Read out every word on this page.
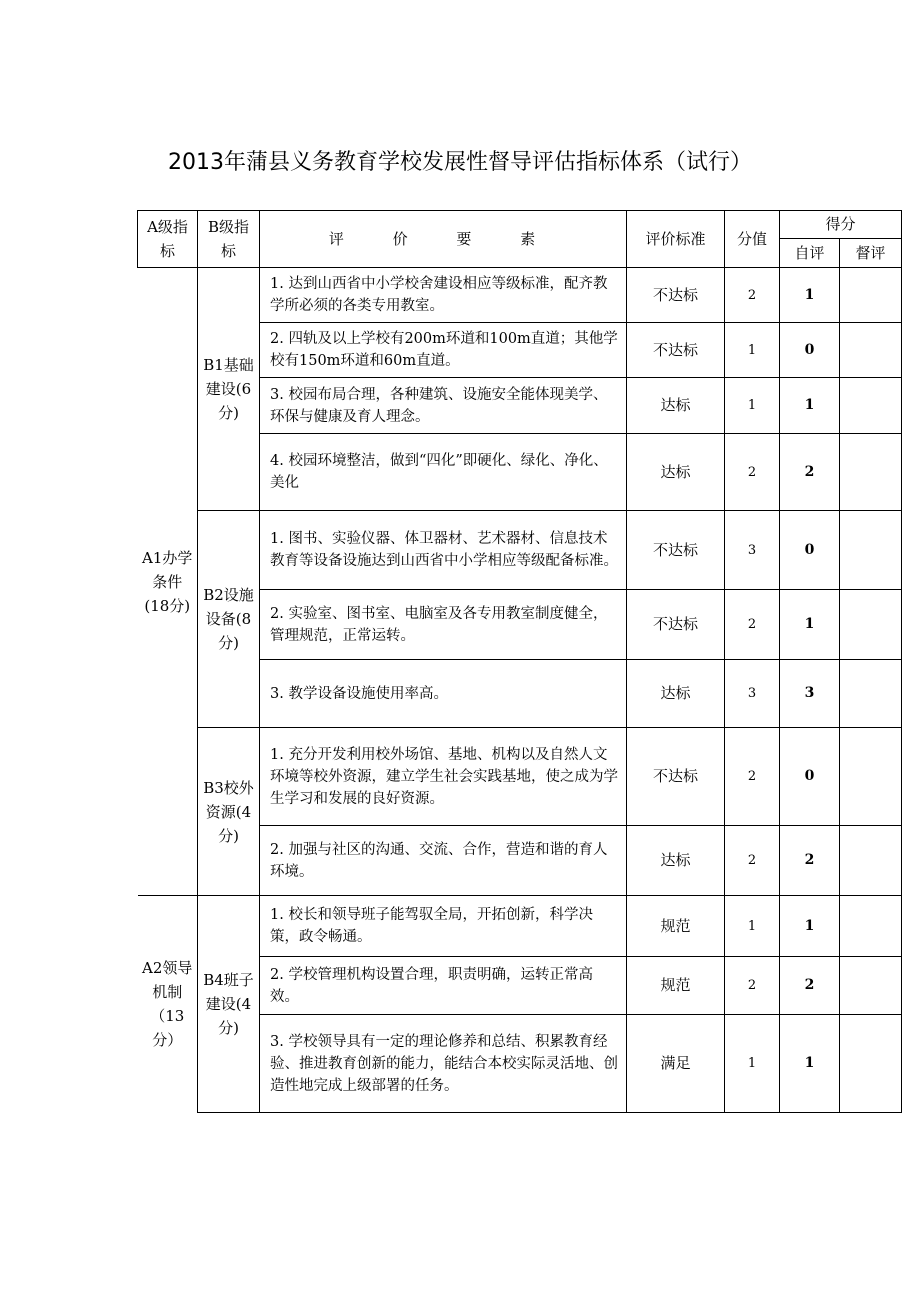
2013年蒲县义务教育学校发展性督导评估指标体系（试行）
A级指标	B级指标	评 价 要 素	评价标准	分值	得分	
					自评	督评
A1办学条件(18分)	B1基础建设(6分)	1. 达到山西省中小学校舍建设相应等级标准，配齐教学所必须的各类专用教室。	不达标	2	1	
		2. 四轨及以上学校有200m环道和100m直道；其他学校有150m环道和60m直道。	不达标	1	0	
		3. 校园布局合理，各种建筑、设施安全能体现美学、环保与健康及育人理念。	达标	1	1	
		4. 校园环境整洁，做到“四化”即硬化、绿化、净化、美化	达标	2	2	
	B2设施设备(8分)	1. 图书、实验仪器、体卫器材、艺术器材、信息技术教育等设备设施达到山西省中小学相应等级配备标准。	不达标	3	0	
		2. 实验室、图书室、电脑室及各专用教室制度健全，管理规范，正常运转。	不达标	2	1	
		3. 教学设备设施使用率高。	达标	3	3	
	B3校外资源(4分)	1. 充分开发利用校外场馆、基地、机构以及自然人文环境等校外资源，建立学生社会实践基地，使之成为学生学习和发展的良好资源。	不达标	2	0	
		2. 加强与社区的沟通、交流、合作，营造和谐的育人环境。	达标	2	2	
A2领导机制（13分）	B4班子建设(4分)	1. 校长和领导班子能驾驭全局，开拓创新，科学决策，政令畅通。	规范	1	1	
		2. 学校管理机构设置合理，职责明确，运转正常高效。	规范	2	2	
		3. 学校领导具有一定的理论修养和总结、积累教育经验、推进教育创新的能力，能结合本校实际灵活地、创造性地完成上级部署的任务。	满足	1	1	
